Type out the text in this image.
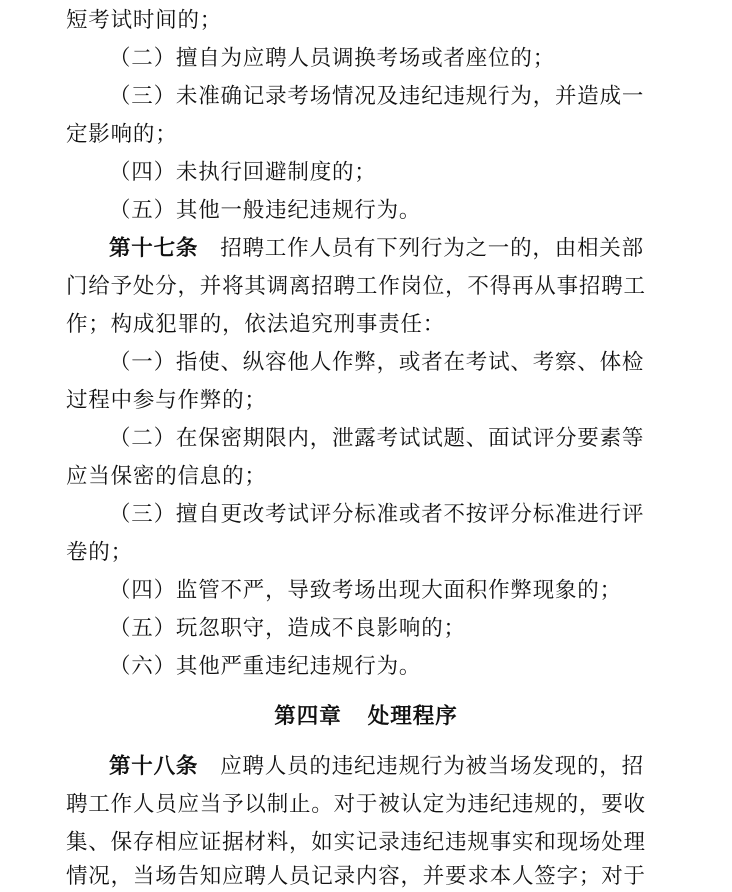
短考试时间的；

（二）擅自为应聘人员调换考场或者座位的；

（三）未准确记录考场情况及违纪违规行为，并造成一

定影响的；

（四）未执行回避制度的；

（五）其他一般违纪违规行为。

第十七条 招聘工作人员有下列行为之一的，由相关部

门给予处分，并将其调离招聘工作岗位，不得再从事招聘工

作；构成犯罪的，依法追究刑事责任：

（一）指使、纵容他人作弊，或者在考试、考察、体检

过程中参与作弊的；

（二）在保密期限内，泄露考试试题、面试评分要素等

应当保密的信息的；

（三）擅自更改考试评分标准或者不按评分标准进行评

卷的；

（四）监管不严，导致考场出现大面积作弊现象的；

（五）玩忽职守，造成不良影响的；

（六）其他严重违纪违规行为。

第四章 处理程序

第十八条 应聘人员的违纪违规行为被当场发现的，招

聘工作人员应当予以制止。对于被认定为违纪违规的，要收

集、保存相应证据材料，如实记录违纪违规事实和现场处理

情况，当场告知应聘人员记录内容，并要求本人签字；对于
